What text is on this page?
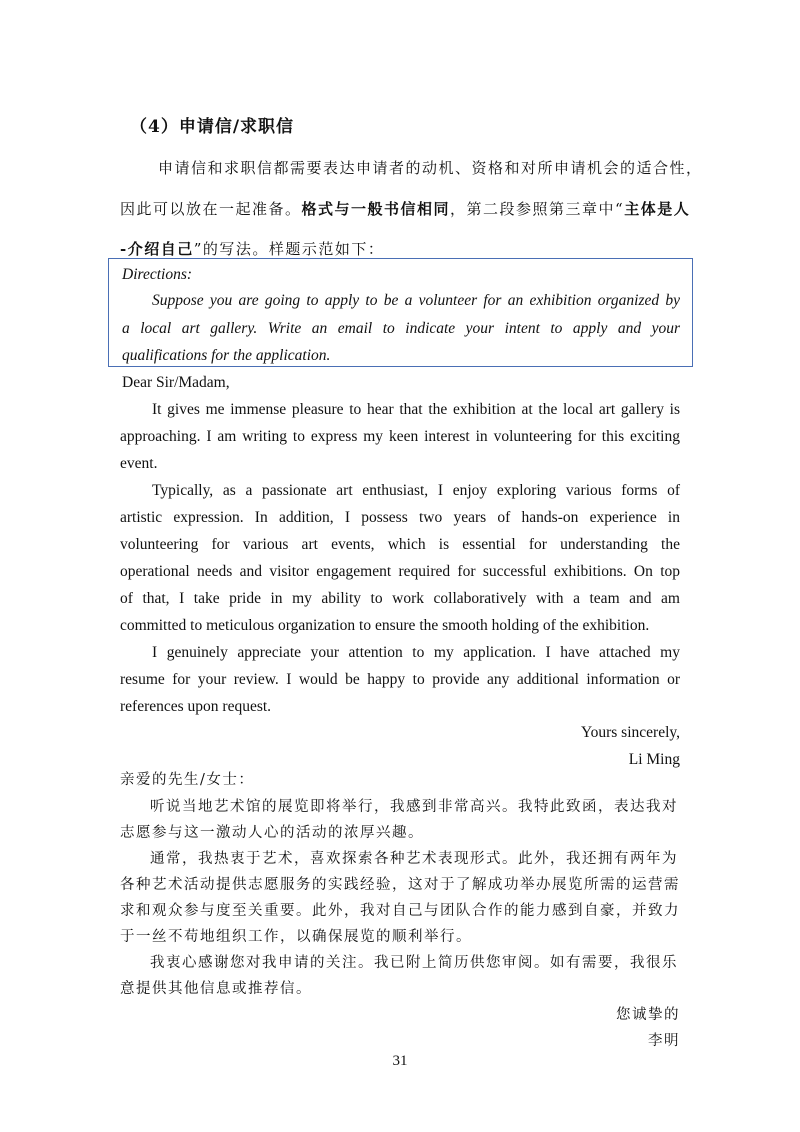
（4）申请信/求职信
申请信和求职信都需要表达申请者的动机、资格和对所申请机会的适合性，
因此可以放在一起准备。格式与一般书信相同，第二段参照第三章中“主体是人
-介绍自己”的写法。样题示范如下：
Directions:
Suppose you are going to apply to be a volunteer for an exhibition organized by
a local art gallery. Write an email to indicate your intent to apply and your
qualifications for the application.
Dear Sir/Madam,
It gives me immense pleasure to hear that the exhibition at the local art gallery is
approaching. I am writing to express my keen interest in volunteering for this exciting
event.
Typically, as a passionate art enthusiast, I enjoy exploring various forms of
artistic expression. In addition, I possess two years of hands-on experience in
volunteering for various art events, which is essential for understanding the
operational needs and visitor engagement required for successful exhibitions. On top
of that, I take pride in my ability to work collaboratively with a team and am
committed to meticulous organization to ensure the smooth holding of the exhibition.
I genuinely appreciate your attention to my application. I have attached my
resume for your review. I would be happy to provide any additional information or
references upon request.
Yours sincerely,
Li Ming
亲爱的先生/女士：
听说当地艺术馆的展览即将举行，我感到非常高兴。我特此致函，表达我对
志愿参与这一激动人心的活动的浓厚兴趣。
通常，我热衷于艺术，喜欢探索各种艺术表现形式。此外，我还拥有两年为
各种艺术活动提供志愿服务的实践经验，这对于了解成功举办展览所需的运营需
求和观众参与度至关重要。此外，我对自己与团队合作的能力感到自豪，并致力
于一丝不苟地组织工作，以确保展览的顺利举行。
我衷心感谢您对我申请的关注。我已附上简历供您审阅。如有需要，我很乐
意提供其他信息或推荐信。
您诚挚的
李明
31
